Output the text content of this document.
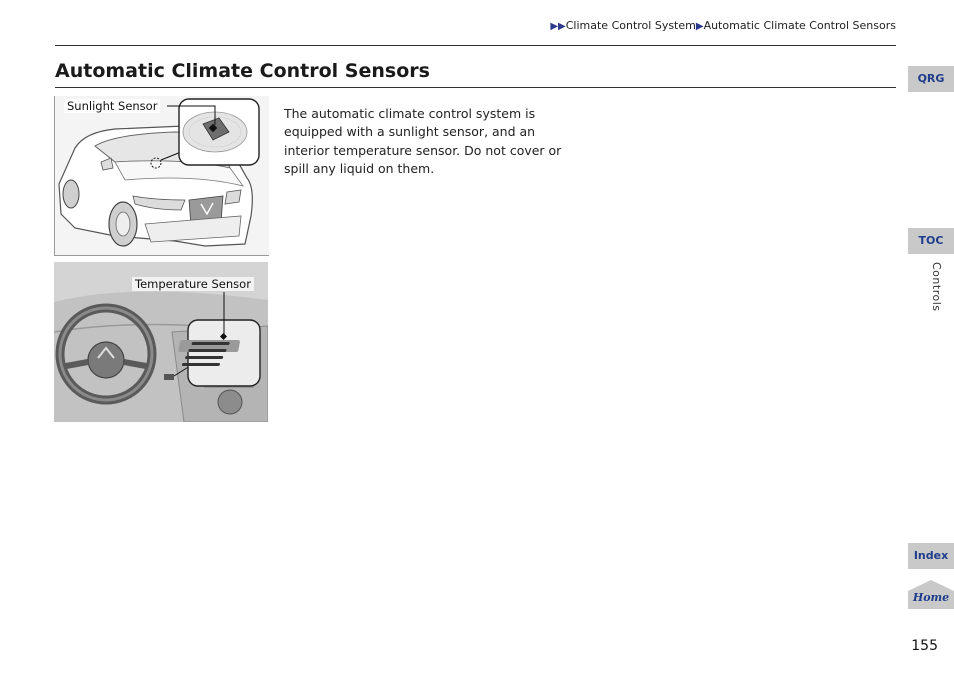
▶▶Climate Control System▶Automatic Climate Control Sensors
Automatic Climate Control Sensors
Sunlight Sensor
Temperature Sensor

The automatic climate control system is equipped with a sunlight sensor, and an interior temperature sensor. Do not cover or spill any liquid on them.

QRG
TOC
Controls
Index
Home
155
